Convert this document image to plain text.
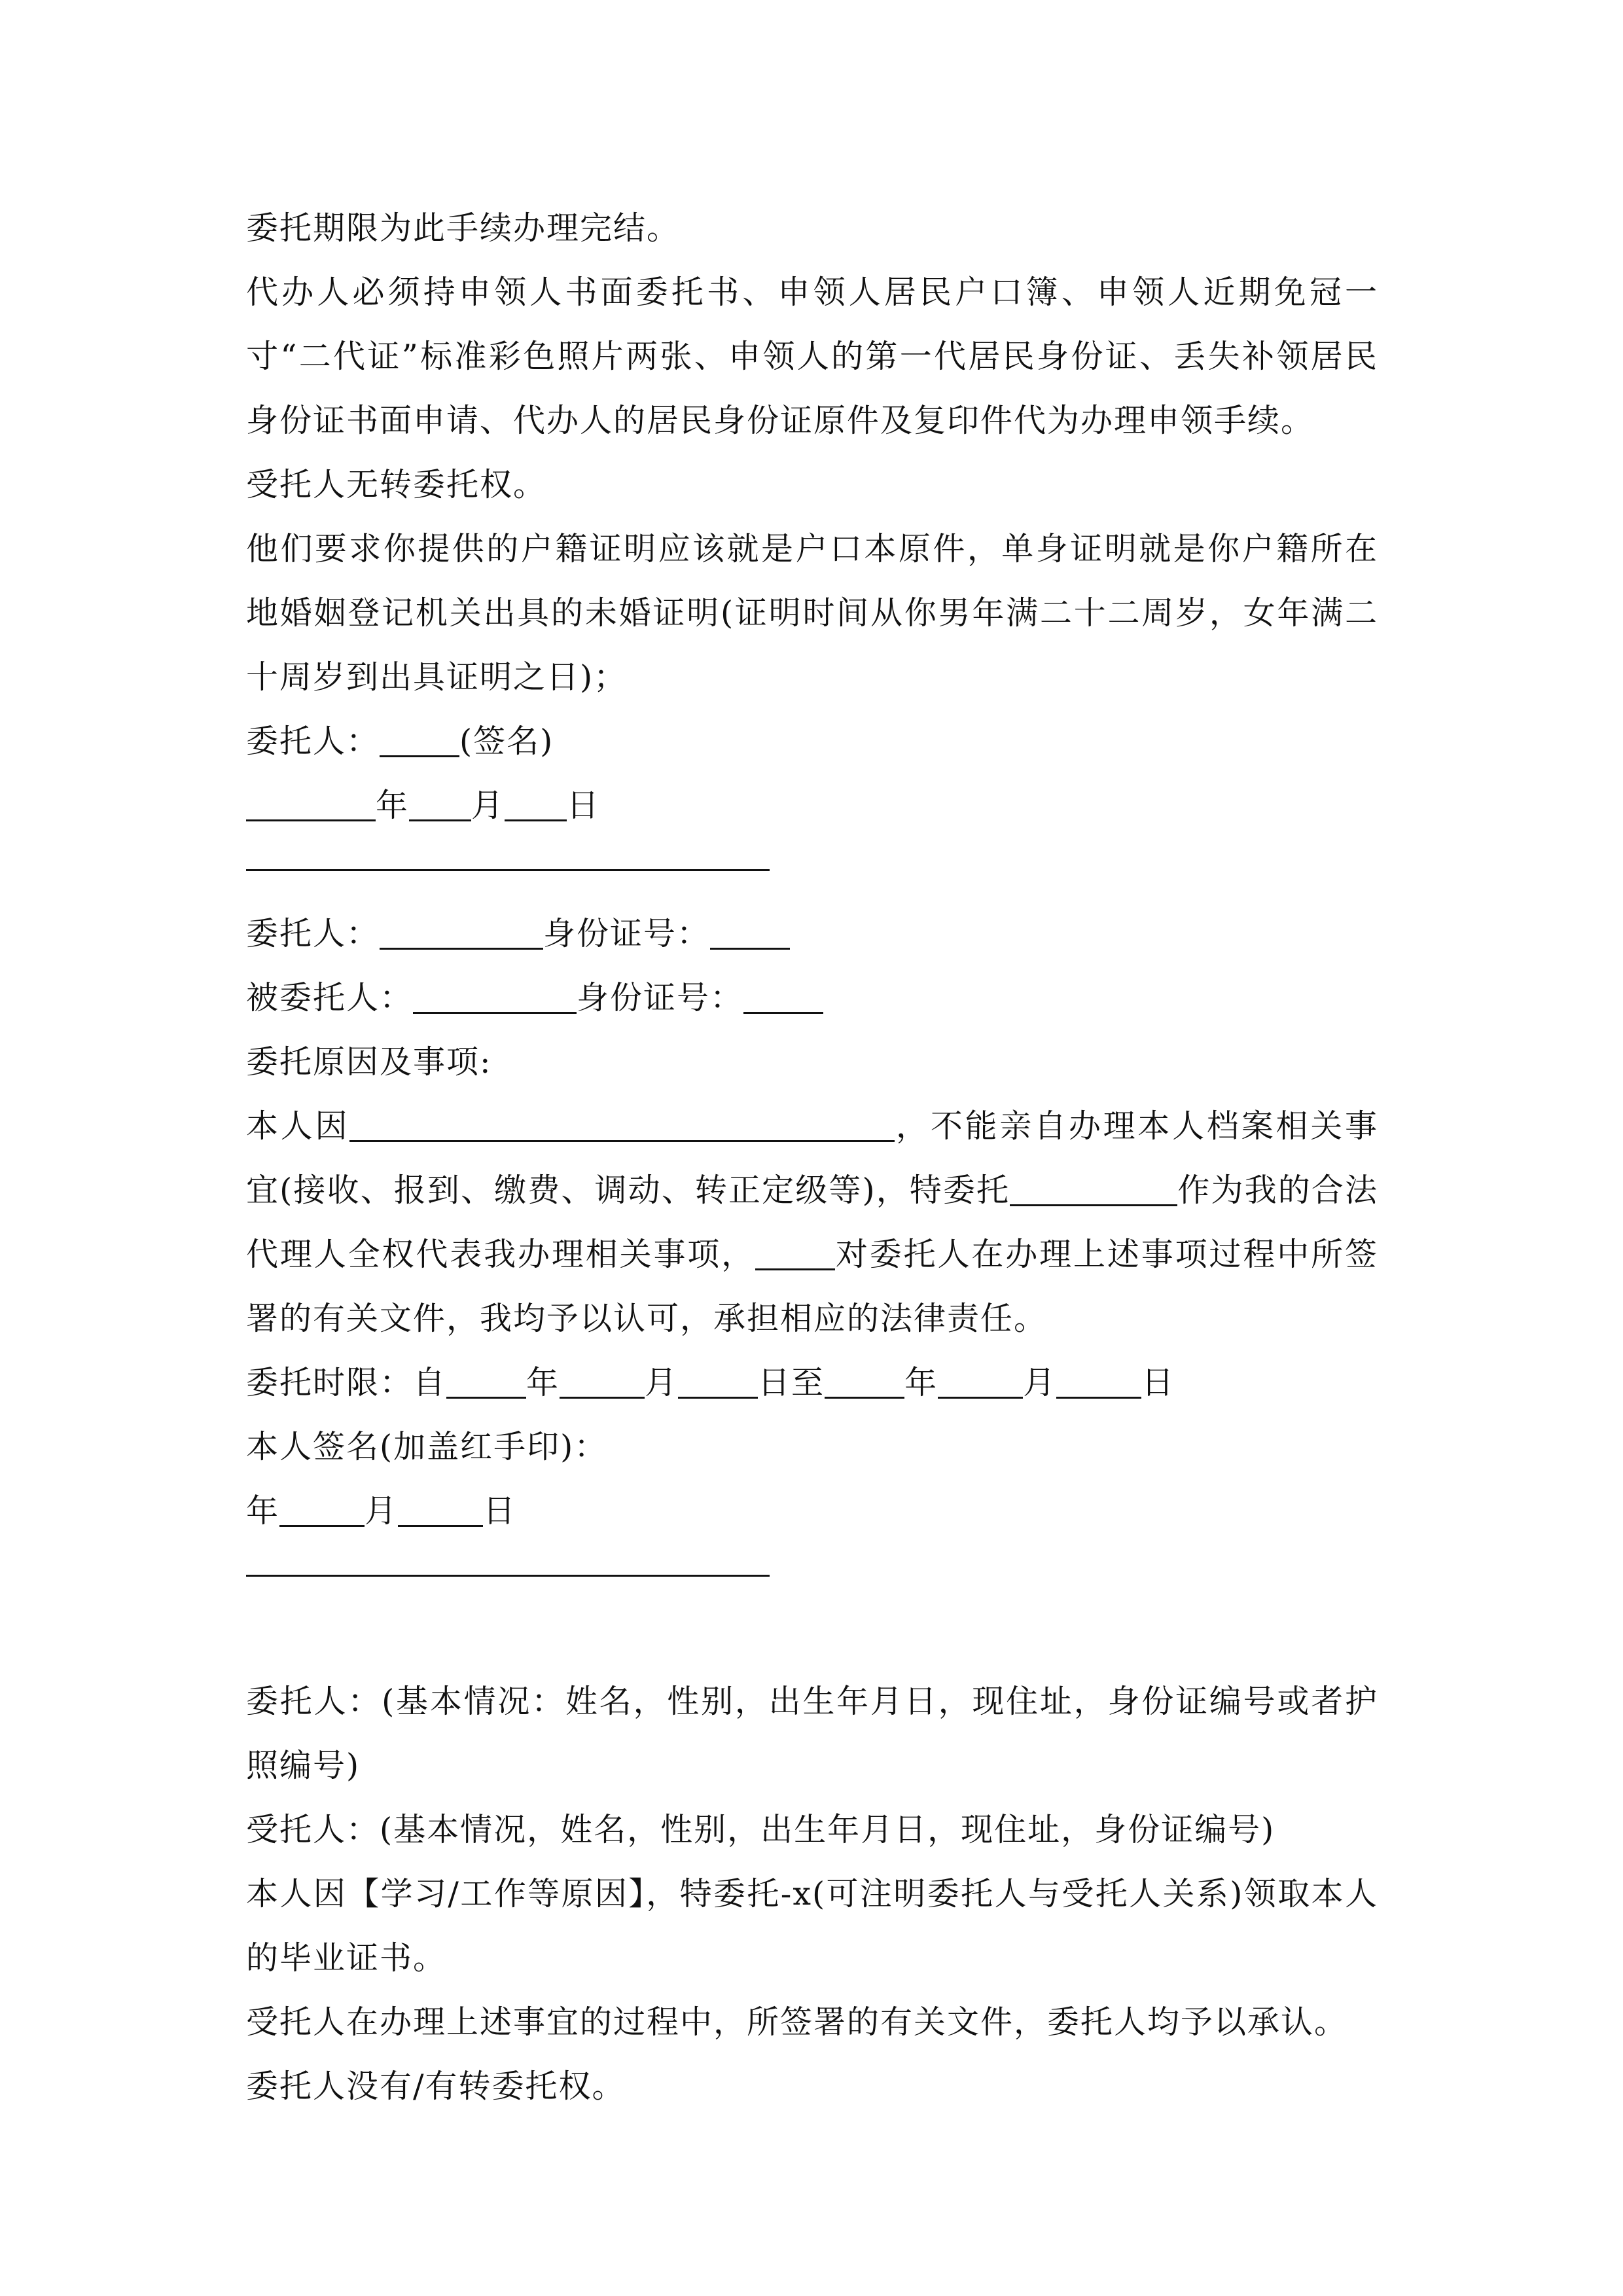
委托期限为此手续办理完结。

代办人必须持申领人书面委托书、申领人居民户口簿、申领人近期免冠一寸“二代证”标准彩色照片两张、申领人的第一代居民身份证、丢失补领居民身份证书面申请、代办人的居民身份证原件及复印件代为办理申领手续。

受托人无转委托权。

他们要求你提供的户籍证明应该就是户口本原件，单身证明就是你户籍所在地婚姻登记机关出具的未婚证明(证明时间从你男年满二十二周岁，女年满二十周岁到出具证明之日)；

委托人： (签名)

年 月 日

委托人：	身份证号：

被委托人：	身份证号：

委托原因及事项:

本人因	，不能亲自办理本人档案相关事宜(接收、报到、缴费、调动、转正定级等)，特委托	作为我的合法代理人全权代表我办理相关事项， 对委托人在办理上述事项过程中所签署的有关文件，我均予以认可，承担相应的法律责任。

委托时限：自 年	月 日至 年	月	日

本人签名(加盖红手印)：

年	月	日

委托人：(基本情况：姓名，性别，出生年月日，现住址，身份证编号或者护照编号)

受托人：(基本情况，姓名，性别，出生年月日，现住址，身份证编号)

本人因【学习/工作等原因】，特委托-x(可注明委托人与受托人关系)领取本人的毕业证书。

受托人在办理上述事宜的过程中，所签署的有关文件，委托人均予以承认。

委托人没有/有转委托权。
